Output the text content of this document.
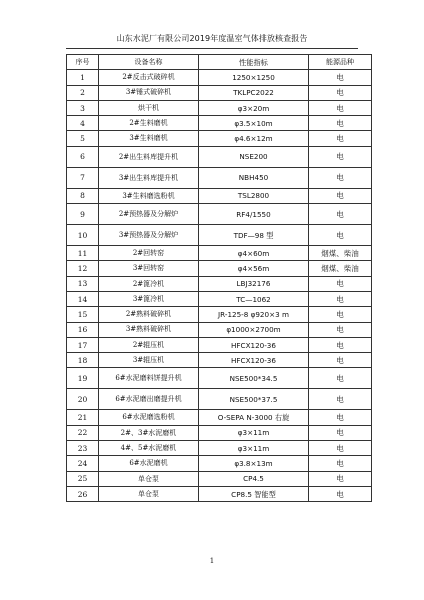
山东水泥厂有限公司2019年度温室气体排放核查报告
序号	设备名称	性能指标	能源品种
1	2#反击式破碎机	1250×1250	电
2	3#锤式破碎机	TKLPC2022	电
3	烘干机	φ3×20m	电
4	2#生料磨机	φ3.5×10m	电
5	3#生料磨机	φ4.6×12m	电
6	2#出生料库提升机	NSE200	电
7	3#出生料库提升机	NBH450	电
8	3#生料磨选粉机	TSL2800	电
9	2#预热器及分解炉	RF4/1550	电
10	3#预热器及分解炉	TDF—98 型	电
11	2#回转窑	φ4×60m	烟煤、柴油
12	3#回转窑	φ4×56m	烟煤、柴油
13	2#篦冷机	LBJ32176	电
14	3#篦冷机	TC—1062	电
15	2#熟料破碎机	JR-125-8 φ920×3 m	电
16	3#熟料破碎机	φ1000×2700m	电
17	2#辊压机	HFCX120-36	电
18	3#辊压机	HFCX120-36	电
19	6#水泥磨料饼提升机	NSE500*34.5	电
20	6#水泥磨出磨提升机	NSE500*37.5	电
21	6#水泥磨选粉机	O-SEPA N-3000 右旋	电
22	2#、3#水泥磨机	φ3×11m	电
23	4#、5#水泥磨机	φ3×11m	电
24	6#水泥磨机	φ3.8×13m	电
25	单仓泵	CP4.5	电
26	单仓泵	CP8.5 智能型	电
1
